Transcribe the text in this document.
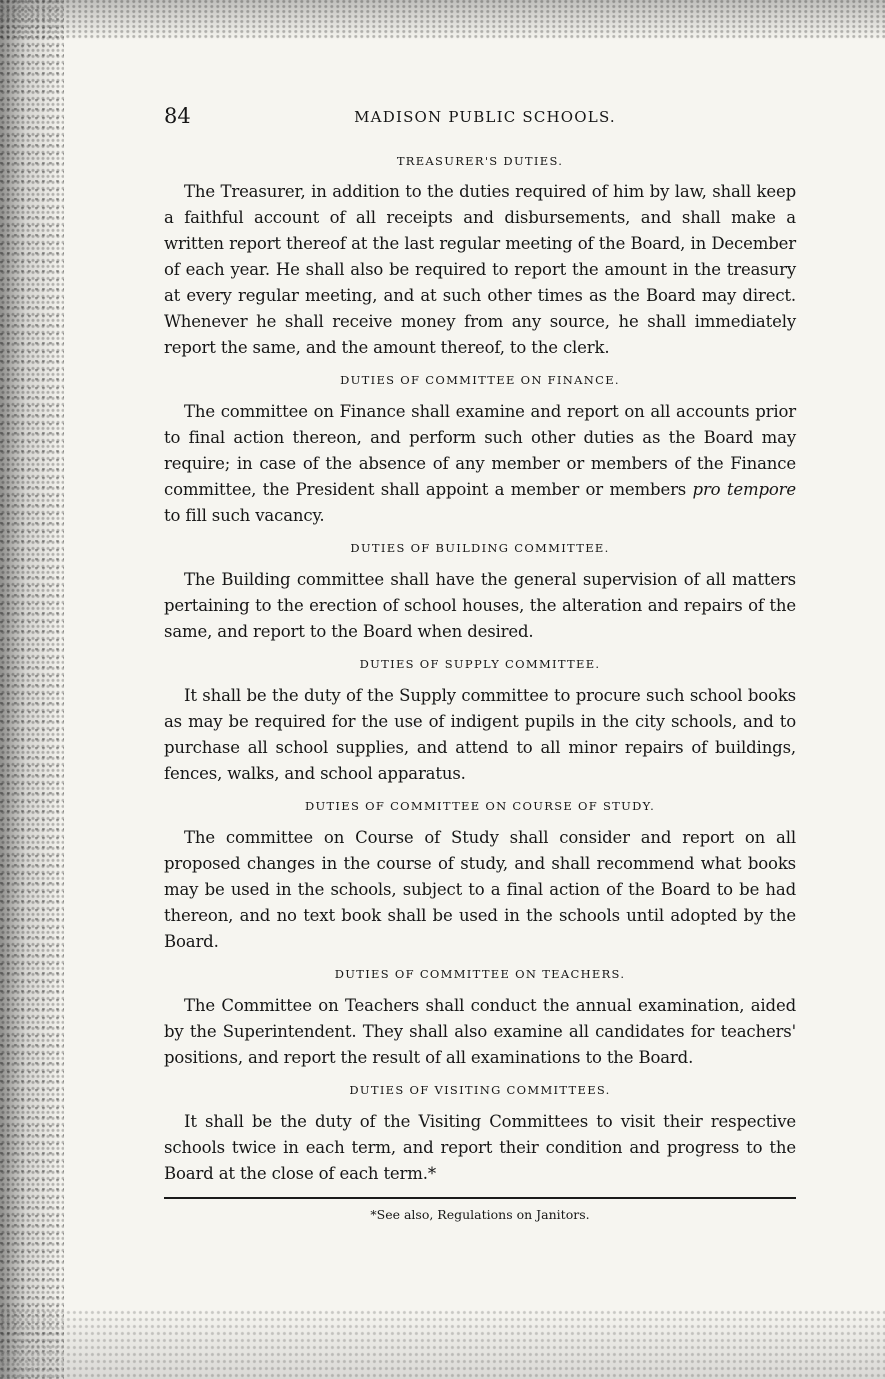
84	MADISON PUBLIC SCHOOLS.
TREASURER'S DUTIES.

The Treasurer, in addition to the duties required of him by law, shall keep a faithful account of all receipts and disbursements, and shall make a written report thereof at the last regular meeting of the Board, in December of each year. He shall also be required to report the amount in the treasury at every regular meeting, and at such other times as the Board may direct. Whenever he shall receive money from any source, he shall immediately report the same, and the amount thereof, to the clerk.

DUTIES OF COMMITTEE ON FINANCE.

The committee on Finance shall examine and report on all accounts prior to final action thereon, and perform such other duties as the Board may require; in case of the absence of any member or members of the Finance committee, the President shall appoint a member or members pro tempore to fill such vacancy.

DUTIES OF BUILDING COMMITTEE.

The Building committee shall have the general supervision of all matters pertaining to the erection of school houses, the alteration and repairs of the same, and report to the Board when desired.

DUTIES OF SUPPLY COMMITTEE.

It shall be the duty of the Supply committee to procure such school books as may be required for the use of indigent pupils in the city schools, and to purchase all school supplies, and attend to all minor repairs of buildings, fences, walks, and school apparatus.

DUTIES OF COMMITTEE ON COURSE OF STUDY.

The committee on Course of Study shall consider and report on all proposed changes in the course of study, and shall recommend what books may be used in the schools, subject to a final action of the Board to be had thereon, and no text book shall be used in the schools until adopted by the Board.

DUTIES OF COMMITTEE ON TEACHERS.

The Committee on Teachers shall conduct the annual examination, aided by the Superintendent. They shall also examine all candidates for teachers' positions, and report the result of all examinations to the Board.

DUTIES OF VISITING COMMITTEES.

It shall be the duty of the Visiting Committees to visit their respective schools twice in each term, and report their condition and progress to the Board at the close of each term.*

*See also, Regulations on Janitors.
